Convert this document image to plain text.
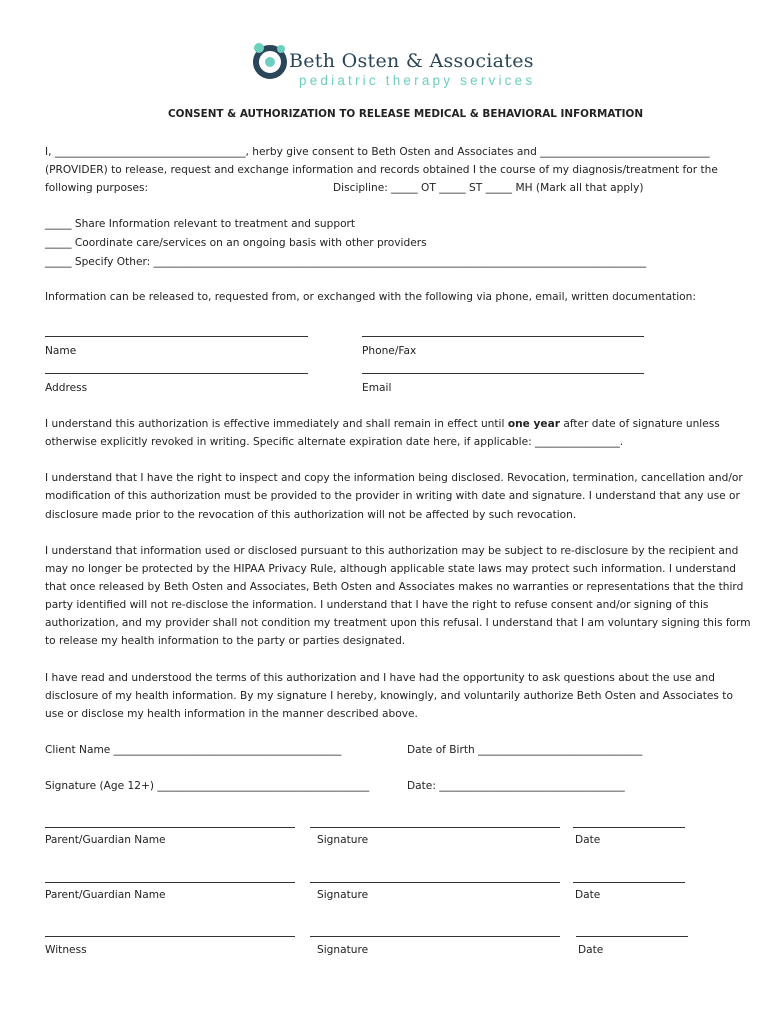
Beth Osten & Associates
pediatric therapy services
CONSENT & AUTHORIZATION TO RELEASE MEDICAL & BEHAVIORAL INFORMATION
I, ____________________________________, herby give consent to Beth Osten and Associates and ________________________________
(PROVIDER) to release, request and exchange information and records obtained I the course of my diagnosis/treatment for the
following purposes:	Discipline: _____ OT _____ ST _____ MH (Mark all that apply)
_____ Share Information relevant to treatment and support
_____ Coordinate care/services on an ongoing basis with other providers
_____ Specify Other: _____________________________________________________________________________________________
Information can be released to, requested from, or exchanged with the following via phone, email, written documentation:
Name	Phone/Fax
Address	Email
I understand this authorization is effective immediately and shall remain in effect until one year after date of signature unless
otherwise explicitly revoked in writing. Specific alternate expiration date here, if applicable: ________________.
I understand that I have the right to inspect and copy the information being disclosed. Revocation, termination, cancellation and/or
modification of this authorization must be provided to the provider in writing with date and signature. I understand that any use or
disclosure made prior to the revocation of this authorization will not be affected by such revocation.
I understand that information used or disclosed pursuant to this authorization may be subject to re-disclosure by the recipient and
may no longer be protected by the HIPAA Privacy Rule, although applicable state laws may protect such information. I understand
that once released by Beth Osten and Associates, Beth Osten and Associates makes no warranties or representations that the third
party identified will not re-disclose the information. I understand that I have the right to refuse consent and/or signing of this
authorization, and my provider shall not condition my treatment upon this refusal. I understand that I am voluntary signing this form
to release my health information to the party or parties designated.
I have read and understood the terms of this authorization and I have had the opportunity to ask questions about the use and
disclosure of my health information. By my signature I hereby, knowingly, and voluntarily authorize Beth Osten and Associates to
use or disclose my health information in the manner described above.
Client Name ___________________________________________	Date of Birth _______________________________
Signature (Age 12+) ________________________________________	Date: ___________________________________
Parent/Guardian Name	Signature	Date
Parent/Guardian Name	Signature	Date
Witness	Signature	Date
